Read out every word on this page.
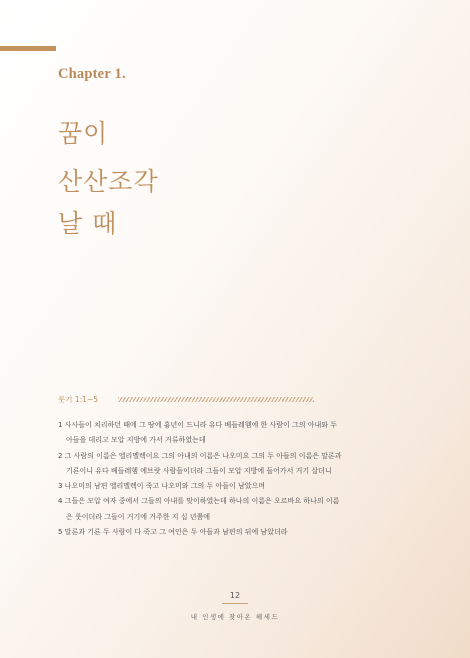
Chapter 1.
꿈이
산산조각
날 때
룻기 1:1~5
1 사사들이 치리하던 때에 그 땅에 흉년이 드니라 유다 베들레헴에 한 사람이 그의 아내와 두 아들을 데리고 모압 지방에 가서 거류하였는데
2 그 사람의 이름은 엘리멜렉이요 그의 아내의 이름은 나오미요 그의 두 아들의 이름은 말론과 기룐이니 유다 베들레헴 에브랏 사람들이더라 그들이 모압 지방에 들어가서 거기 살더니
3 나오미의 남편 엘리멜렉이 죽고 나오미와 그의 두 아들이 남았으며
4 그들은 모압 여자 중에서 그들의 아내를 맞이하였는데 하나의 이름은 오르바요 하나의 이름은 룻이더라 그들이 거기에 거주한 지 십 년쯤에
5 말론과 기룐 두 사람이 다 죽고 그 여인은 두 아들과 남편의 뒤에 남았더라
12
내 인생에 찾아온 헤세드
